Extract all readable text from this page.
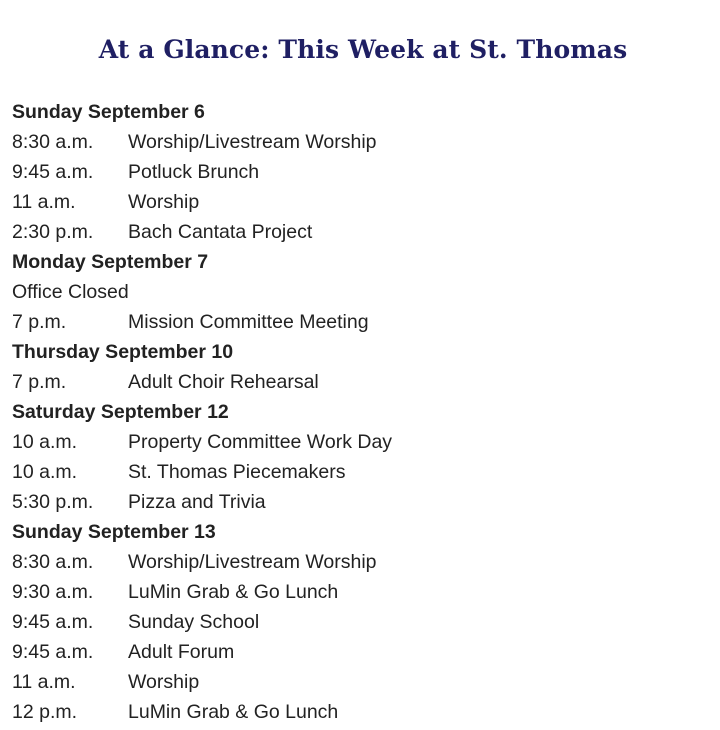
At a Glance: This Week at St. Thomas
Sunday September 6
8:30 a.m. Worship/Livestream Worship
9:45 a.m. Potluck Brunch
11 a.m.	Worship
2:30 p.m. Bach Cantata Project
Monday September 7
Office Closed
7 p.m.	Mission Committee Meeting
Thursday September 10
7 p.m.	Adult Choir Rehearsal
Saturday September 12
10 a.m.	Property Committee Work Day
10 a.m.	St. Thomas Piecemakers
5:30 p.m. Pizza and Trivia
Sunday September 13
8:30 a.m. Worship/Livestream Worship
9:30 a.m. LuMin Grab & Go Lunch
9:45 a.m. Sunday School
9:45 a.m. Adult Forum
11 a.m.	Worship
12 p.m.	LuMin Grab & Go Lunch
